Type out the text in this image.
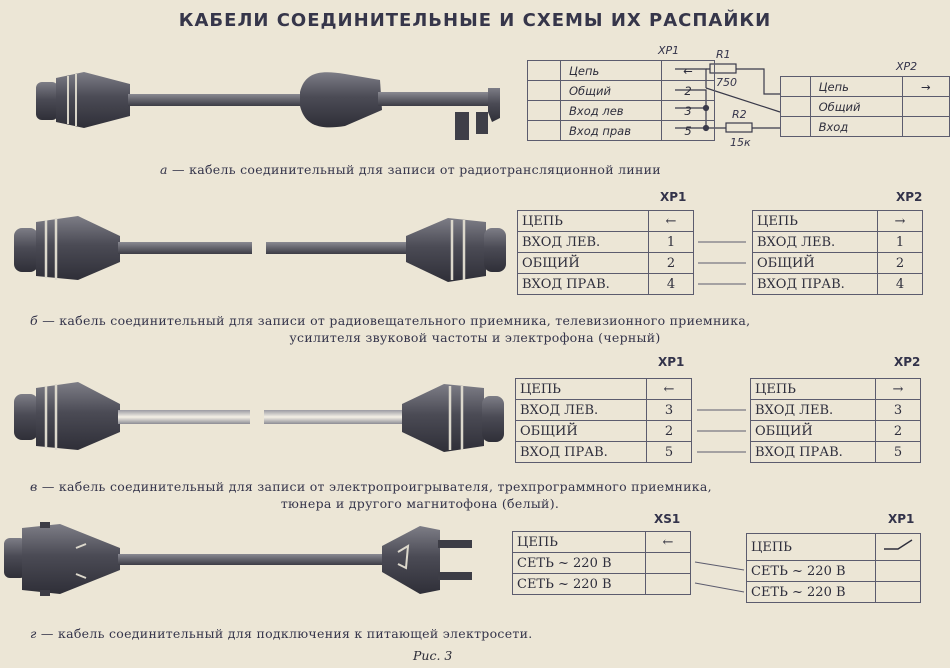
КАБЕЛИ СОЕДИНИТЕЛЬНЫЕ И СХЕМЫ ИХ РАСПАЙКИ
ХР1
ХР2
R1
750
R2
15к
	Цепь	←
	Общий	2
	Вход лев	3
	Вход прав	5
	Цепь	→
	Общий	
	Вход	
а — кабель соединительный для записи от радиотрансляционной линии
ХР1	ХР2
ЦЕПЬ	←
ВХОД ЛЕВ.	1
ОБЩИЙ	2
ВХОД ПРАВ.	4
ЦЕПЬ	→
ВХОД ЛЕВ.	1
ОБЩИЙ	2
ВХОД ПРАВ.	4
б — кабель соединительный для записи от радиовещательного приемника, телевизионного приемника,
усилителя звуковой частоты и электрофона (черный)
ХР1	ХР2
ЦЕПЬ	←
ВХОД ЛЕВ.	3
ОБЩИЙ	2
ВХОД ПРАВ.	5
ЦЕПЬ	→
ВХОД ЛЕВ.	3
ОБЩИЙ	2
ВХОД ПРАВ.	5
в — кабель соединительный для записи от электропроигрывателя, трехпрограммного приемника,
тюнера и другого магнитофона (белый).
XS1	ХР1
ЦЕПЬ	←
СЕТЬ ~ 220 В	
СЕТЬ ~ 220 В	
ЦЕПЬ	
СЕТЬ ~ 220 В	
СЕТЬ ~ 220 В	
г — кабель соединительный для подключения к питающей электросети.
Рис. 3
